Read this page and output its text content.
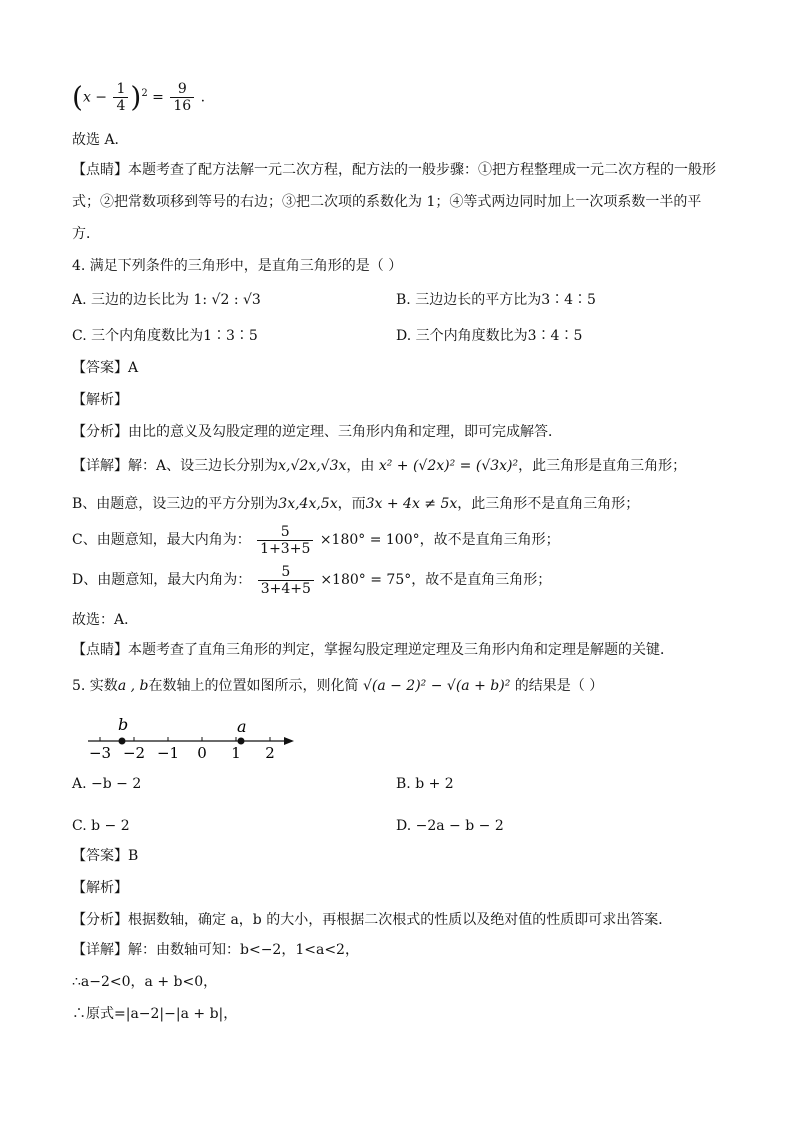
$(x - \frac{1}{4} )^2 = \frac{9}{16}$ .
故选 A．
【点睛】本题考查了配方法解一元二次方程，配方法的一般步骤：①把方程整理成一元二次方程的一般形
式；②把常数项移到等号的右边；③把二次项的系数化为 1；④等式两边同时加上一次项系数一半的平
方．
4. 满足下列条件的三角形中，是直角三角形的是（ ）
A. 三边的边长比为 1: √2 : √3	B. 三边边长的平方比为3∶4∶5
C. 三个内角度数比为1∶3∶5	D. 三个内角度数比为3∶4∶5
【答案】A
【解析】
【分析】由比的意义及勾股定理的逆定理、三角形内角和定理，即可完成解答．
【详解】解：A、设三边长分别为x,√2x,√3x，由 x² + (√2x)² = (√3x)²，此三角形是直角三角形；
B、由题意，设三边的平方分别为3x,4x,5x，而3x + 4x ≠ 5x，此三角形不是直角三角形；
C、由题意知，最大内角为： $\frac{5}{1+3+5} \times 180^\circ = 100^\circ$，故不是直角三角形；
D、由题意知，最大内角为： $\frac{5}{3+4+5} \times 180^\circ = 75^\circ$，故不是直角三角形；
故选：A．
【点睛】本题考查了直角三角形的判定，掌握勾股定理逆定理及三角形内角和定理是解题的关键．
5. 实数a , b在数轴上的位置如图所示，则化简 √(a − 2)² − √(a + b)² 的结果是（ ）
−3 −2 −1 0 1 2
b	a
A. −b − 2	B. b + 2
C. b − 2	D. −2a − b − 2
【答案】B
【解析】
【分析】根据数轴，确定 a，b 的大小，再根据二次根式的性质以及绝对值的性质即可求出答案．
【详解】解：由数轴可知：b<−2，1<a<2，
∴a−2<0，a + b<0，
∴原式=|a−2|−|a + b|，
